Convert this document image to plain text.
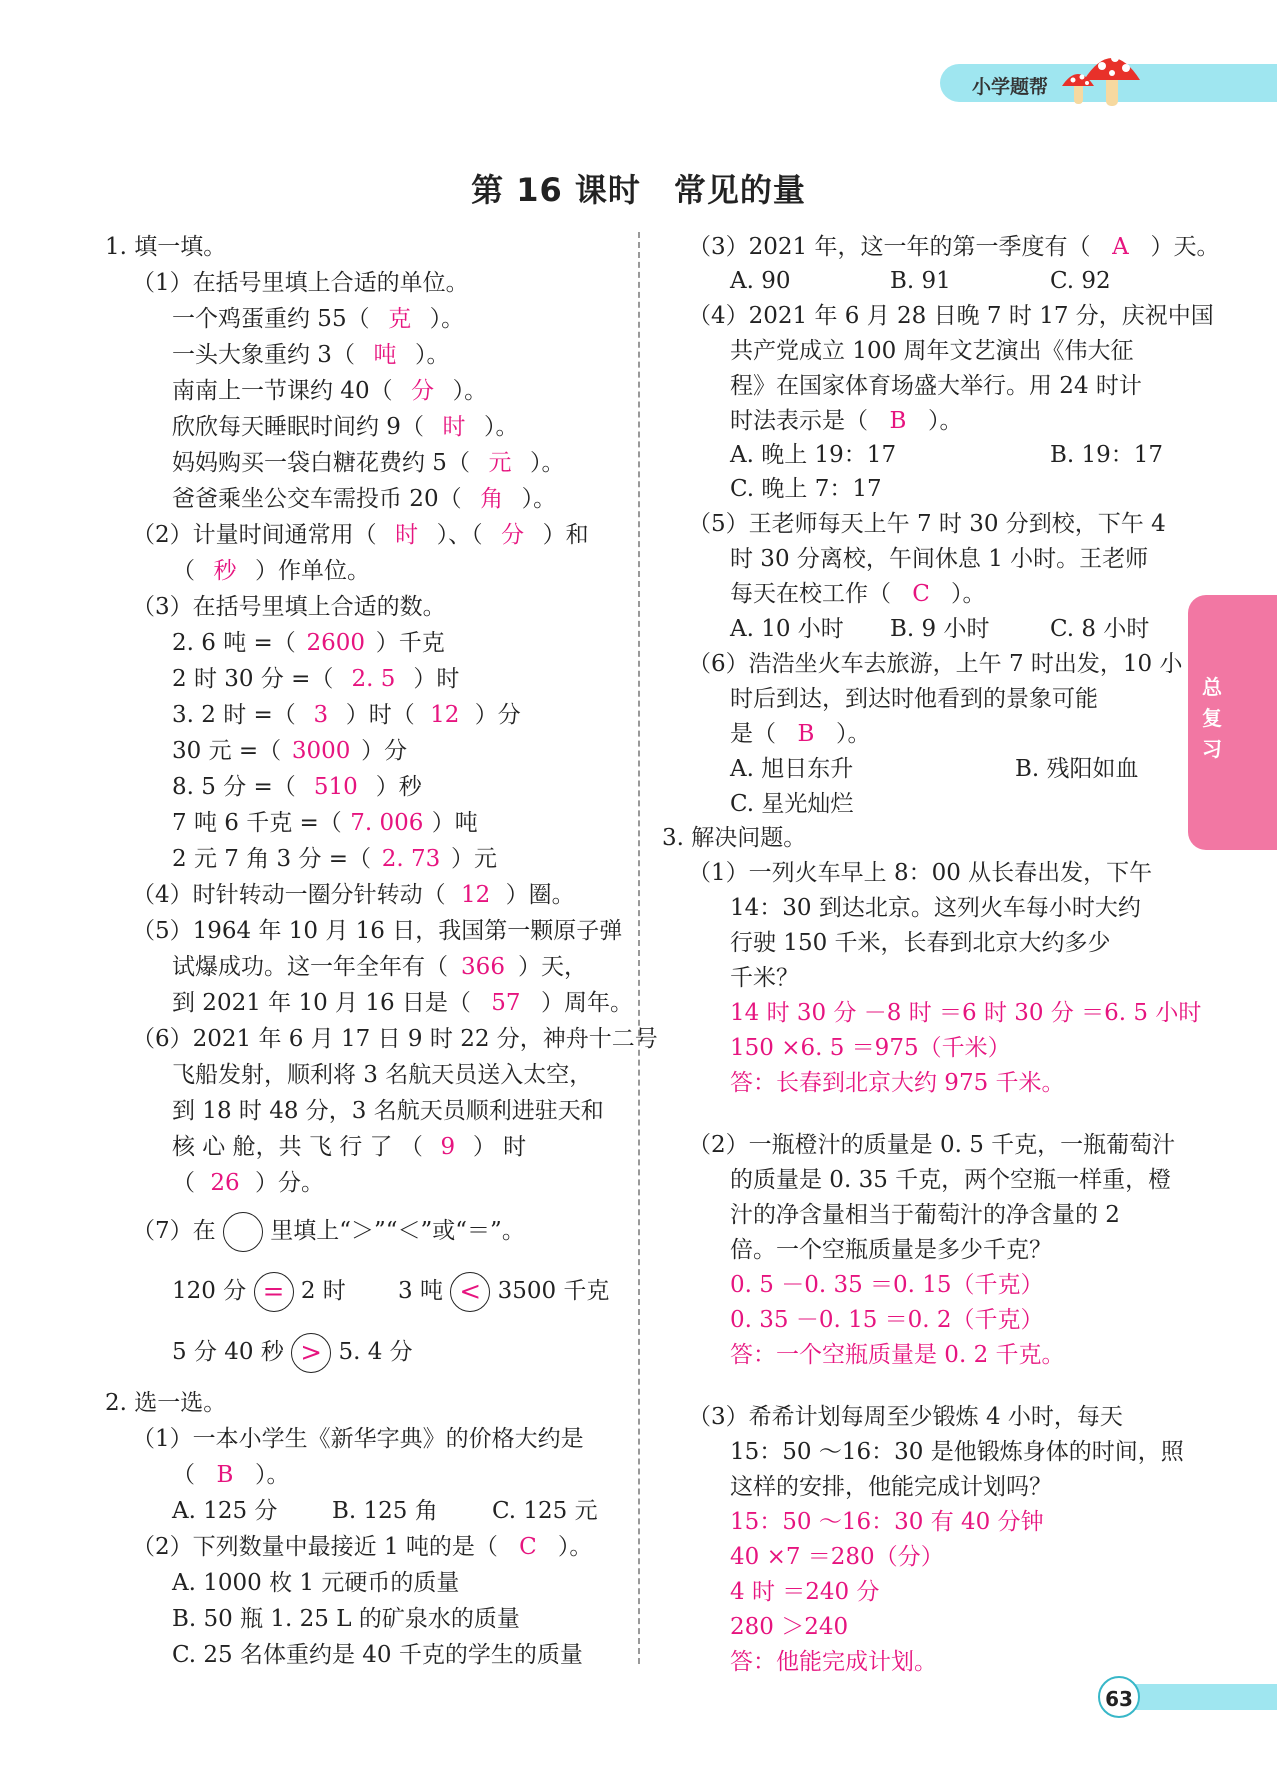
小学题帮
第 16 课时　常见的量
总复习
63
1. 填一填。
（1）在括号里填上合适的单位。
一个鸡蛋重约 55（ 克 ）。
一头大象重约 3（ 吨 ）。
南南上一节课约 40（ 分 ）。
欣欣每天睡眠时间约 9（ 时 ）。
妈妈购买一袋白糖花费约 5（ 元 ）。
爸爸乘坐公交车需投币 20（ 角 ）。
（2）计量时间通常用（ 时 ）、（ 分 ）和
（ 秒 ）作单位。
（3）在括号里填上合适的数。
2. 6 吨 =（ 2600 ）千克
2 时 30 分 =（ 2. 5 ）时
3. 2 时 =（ 3 ）时（ 12 ）分
30 元 =（ 3000 ）分
8. 5 分 =（ 510 ）秒
7 吨 6 千克 =（ 7. 006 ）吨
2 元 7 角 3 分 =（ 2. 73 ）元
（4）时针转动一圈分针转动（ 12 ）圈。
（5）1964 年 10 月 16 日，我国第一颗原子弹
试爆成功。这一年全年有（ 366 ）天，
到 2021 年 10 月 16 日是（ 57 ）周年。
（6）2021 年 6 月 17 日 9 时 22 分，神舟十二号
飞船发射，顺利将 3 名航天员送入太空，
到 18 时 48 分，3 名航天员顺利进驻天和
核 心 舱，共 飞 行 了 （ 9 ） 时
（ 26 ）分。
（7）在 里填上“＞”“＜”或“＝”。
120 分 = 2 时 3 吨 < 3500 千克
5 分 40 秒 > 5. 4 分
2. 选一选。
（1）一本小学生《新华字典》的价格大约是
（ B ）。
A. 125 分 B. 125 角 C. 125 元
（2）下列数量中最接近 1 吨的是（ C ）。
A. 1000 枚 1 元硬币的质量
B. 50 瓶 1. 25 L 的矿泉水的质量
C. 25 名体重约是 40 千克的学生的质量
（3）2021 年，这一年的第一季度有（ A ）天。
A. 90	B. 91	C. 92
（4）2021 年 6 月 28 日晚 7 时 17 分，庆祝中国
共产党成立 100 周年文艺演出《伟大征
程》在国家体育场盛大举行。用 24 时计
时法表示是（ B ）。
A. 晚上 19：17	B. 19：17
C. 晚上 7：17
（5）王老师每天上午 7 时 30 分到校，下午 4
时 30 分离校，午间休息 1 小时。王老师
每天在校工作（ C ）。
A. 10 小时 B. 9 小时	C. 8 小时
（6）浩浩坐火车去旅游，上午 7 时出发，10 小
时后到达，到达时他看到的景象可能
是（ B ）。
A. 旭日东升	B. 残阳如血
C. 星光灿烂
3. 解决问题。
（1）一列火车早上 8：00 从长春出发，下午
14：30 到达北京。这列火车每小时大约
行驶 150 千米，长春到北京大约多少
千米？
14 时 30 分 －8 时 ＝6 时 30 分 ＝6. 5 小时
150 ×6. 5 ＝975（千米）
答：长春到北京大约 975 千米。
（2）一瓶橙汁的质量是 0. 5 千克，一瓶葡萄汁
的质量是 0. 35 千克，两个空瓶一样重，橙
汁的净含量相当于葡萄汁的净含量的 2
倍。一个空瓶质量是多少千克？
0. 5 －0. 35 ＝0. 15（千克）
0. 35 －0. 15 ＝0. 2（千克）
答：一个空瓶质量是 0. 2 千克。
（3）希希计划每周至少锻炼 4 小时，每天
15：50 ～16：30 是他锻炼身体的时间，照
这样的安排，他能完成计划吗？
15：50 ～16：30 有 40 分钟
40 ×7 ＝280（分）
4 时 ＝240 分
280 ＞240
答：他能完成计划。
